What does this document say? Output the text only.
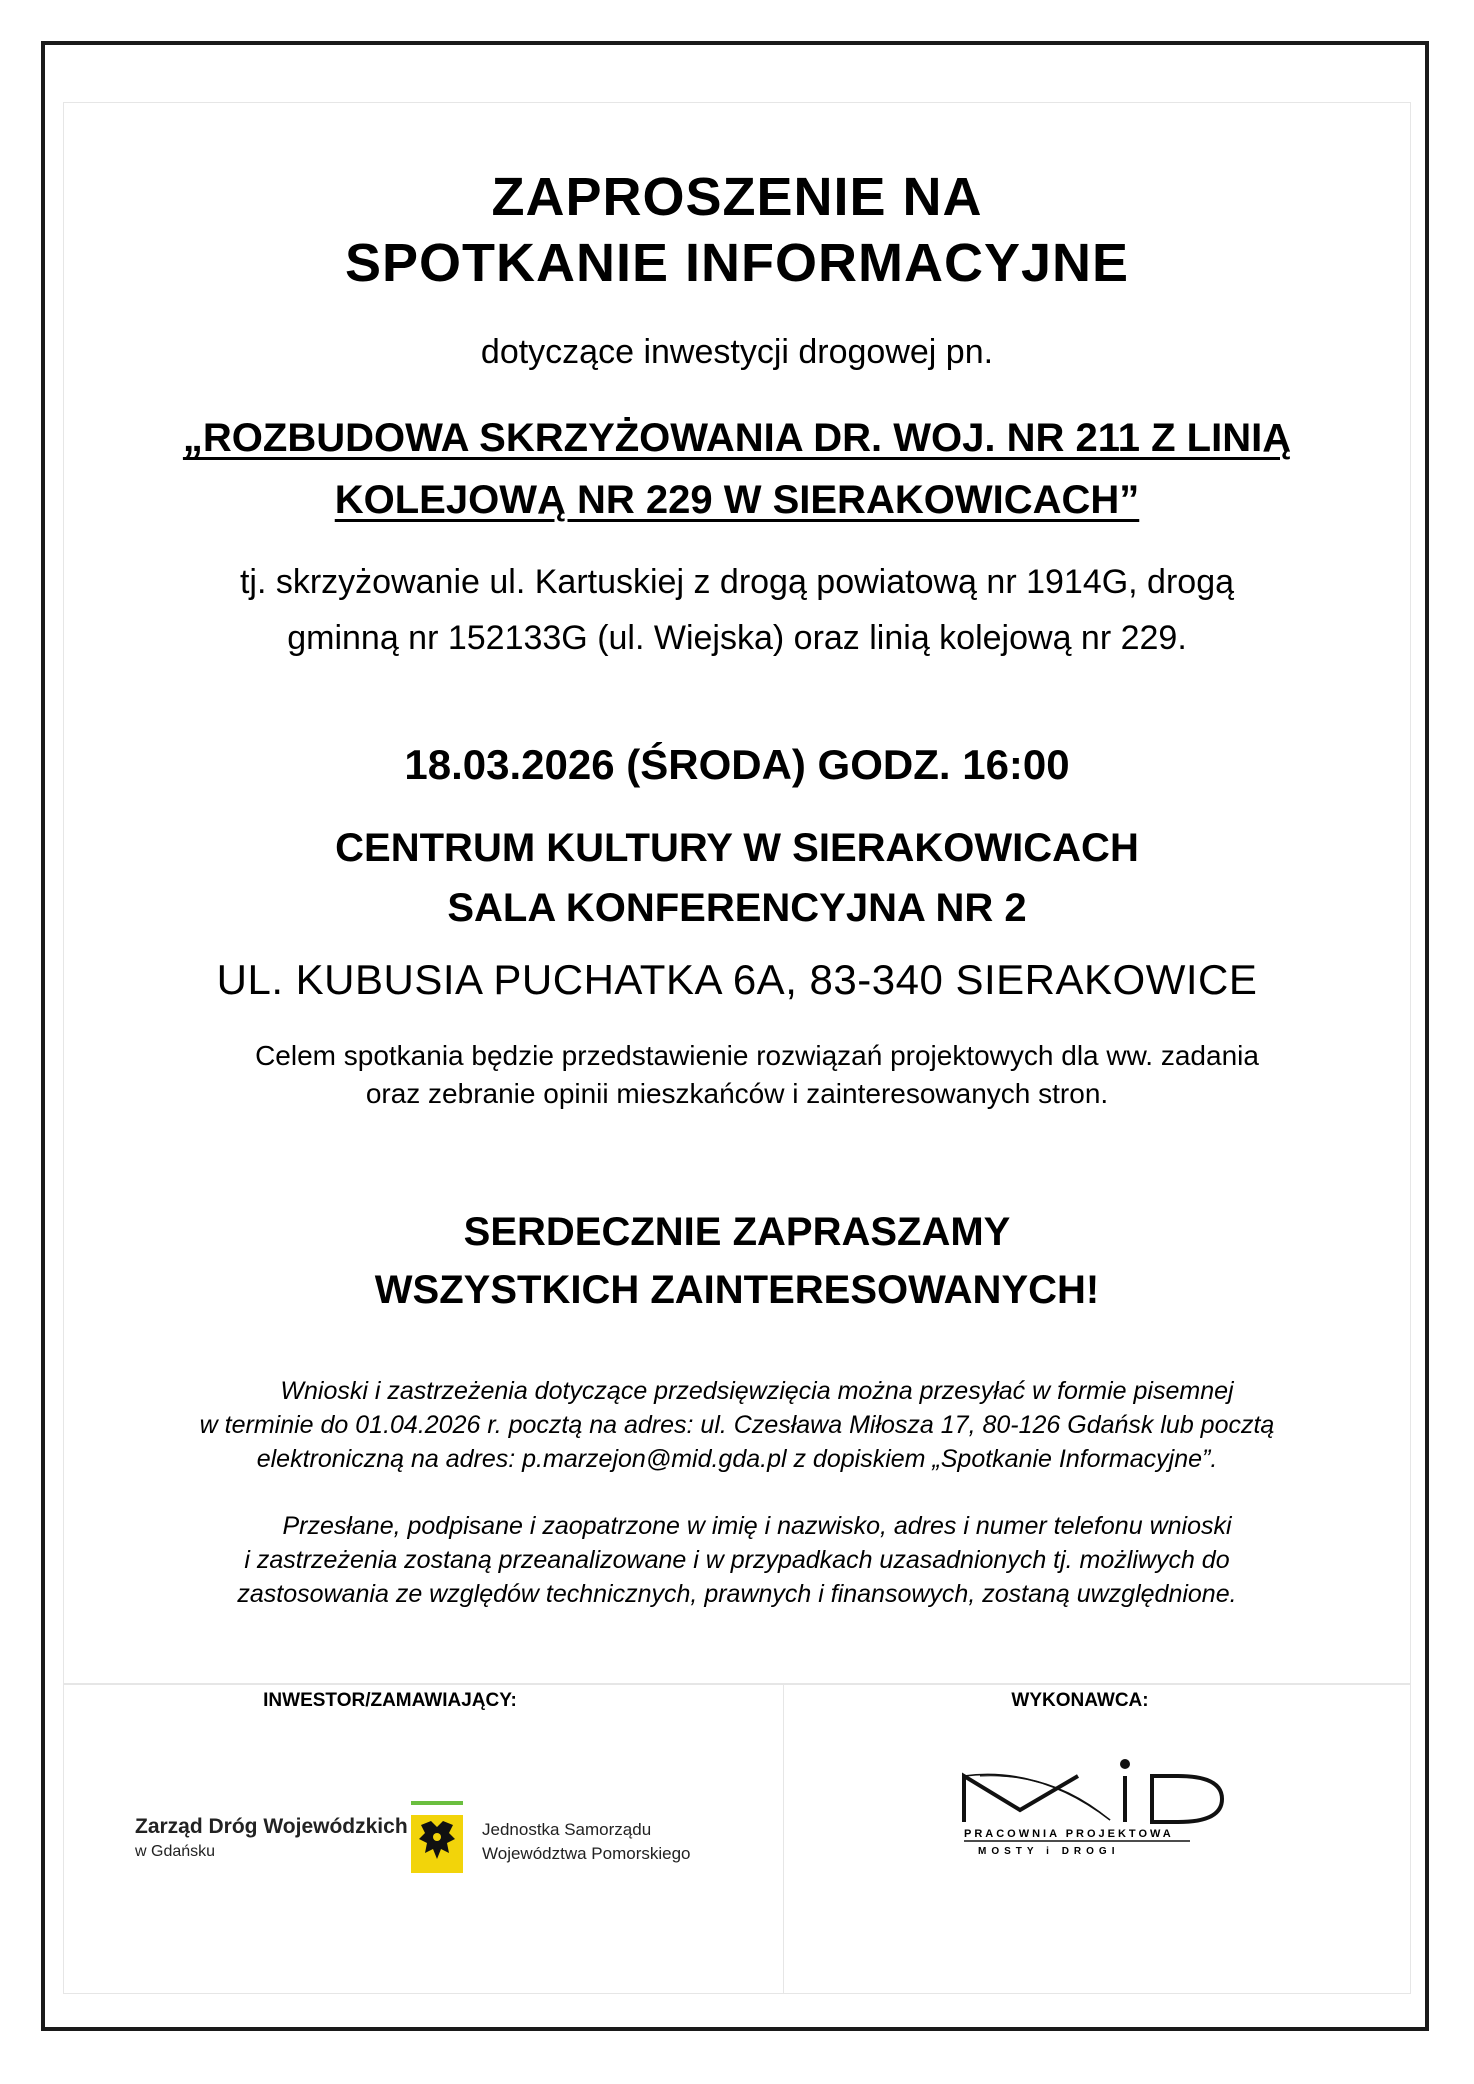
ZAPROSZENIE NA
SPOTKANIE INFORMACYJNE

dotyczące inwestycji drogowej pn.

„ROZBUDOWA SKRZYŻOWANIA DR. WOJ. NR 211 Z LINIĄ
KOLEJOWĄ NR 229 W SIERAKOWICACH”

tj. skrzyżowanie ul. Kartuskiej z drogą powiatową nr 1914G, drogą
gminną nr 152133G (ul. Wiejska) oraz linią kolejową nr 229.

18.03.2026 (ŚRODA) GODZ. 16:00

CENTRUM KULTURY W SIERAKOWICACH
SALA KONFERENCYJNA NR 2

UL. KUBUSIA PUCHATKA 6A, 83-340 SIERAKOWICE

Celem spotkania będzie przedstawienie rozwiązań projektowych dla ww. zadania
oraz zebranie opinii mieszkańców i zainteresowanych stron.

SERDECZNIE ZAPRASZAMY
WSZYSTKICH ZAINTERESOWANYCH!

Wnioski i zastrzeżenia dotyczące przedsięwzięcia można przesyłać w formie pisemnej
w terminie do 01.04.2026 r. pocztą na adres: ul. Czesława Miłosza 17, 80-126 Gdańsk lub pocztą
elektroniczną na adres: p.marzejon@mid.gda.pl z dopiskiem „Spotkanie Informacyjne”.

Przesłane, podpisane i zaopatrzone w imię i nazwisko, adres i numer telefonu wnioski
i zastrzeżenia zostaną przeanalizowane i w przypadkach uzasadnionych tj. możliwych do
zastosowania ze względów technicznych, prawnych i finansowych, zostaną uwzględnione.

INWESTOR/ZAMAWIAJĄCY:	WYKONAWCA:
Zarząd Dróg Wojewódzkich
w Gdańsku
Jednostka Samorządu
Województwa Pomorskiego
PRACOWNIA PROJEKTOWA
MOSTY i DROGI
